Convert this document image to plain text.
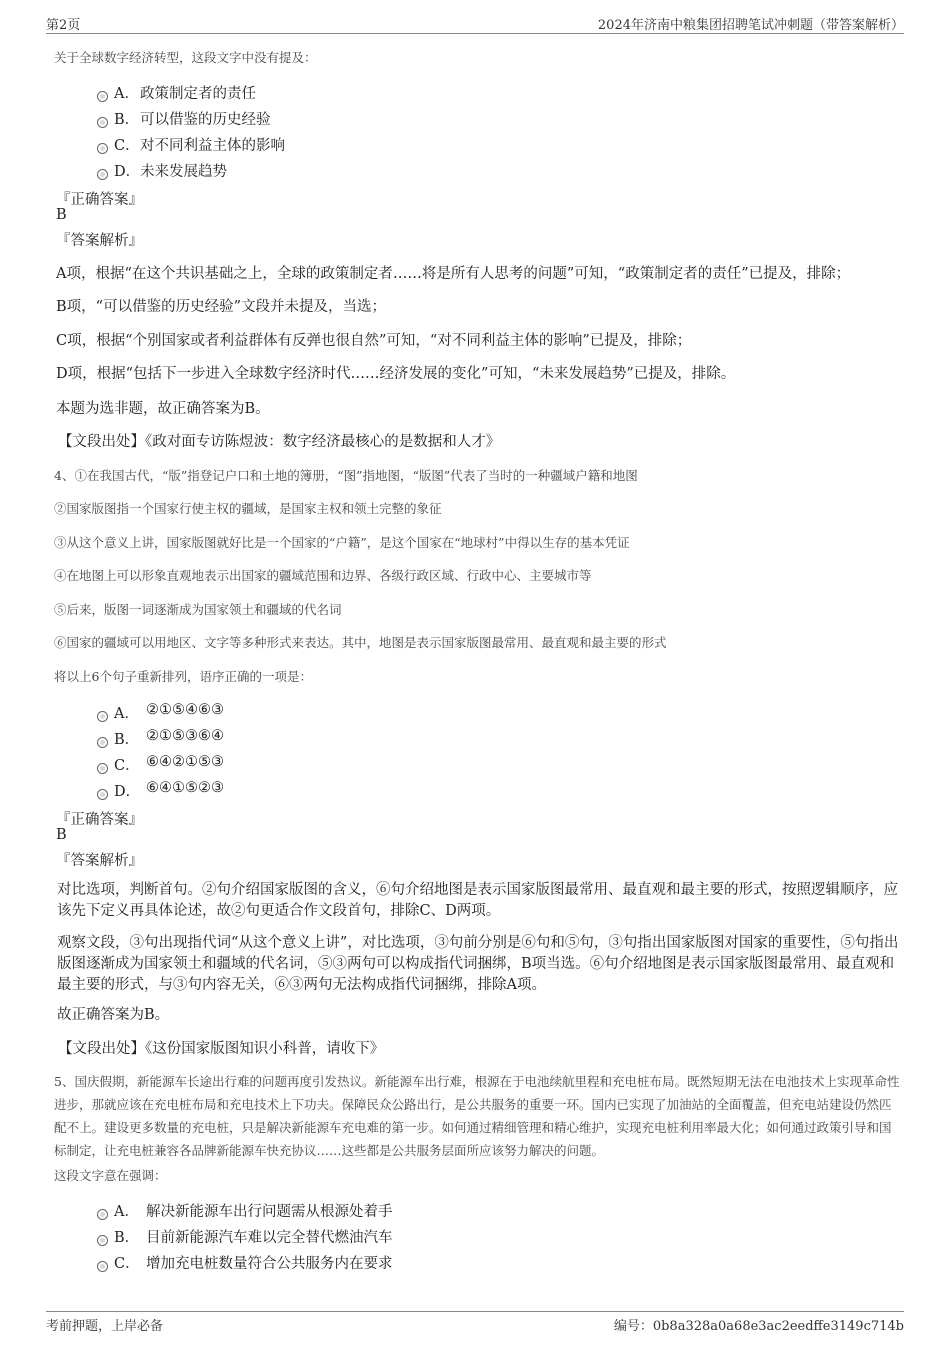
第2页	2024年济南中粮集团招聘笔试冲刺题（带答案解析）
关于全球数字经济转型，这段文字中没有提及：
A． 政策制定者的责任
B． 可以借鉴的历史经验
C． 对不同利益主体的影响
D． 未来发展趋势
『正确答案』
B
『答案解析』
A项，根据“在这个共识基础之上，全球的政策制定者……将是所有人思考的问题”可知，“政策制定者的责任”已提及，排除；
B项，“可以借鉴的历史经验”文段并未提及，当选；
C项，根据“个别国家或者利益群体有反弹也很自然”可知，“对不同利益主体的影响”已提及，排除；
D项，根据“包括下一步进入全球数字经济时代……经济发展的变化”可知，“未来发展趋势”已提及，排除。
本题为选非题，故正确答案为B。
【文段出处】《政对面专访陈煜波：数字经济最核心的是数据和人才》
4、①在我国古代，“版”指登记户口和土地的簿册，“图”指地图，“版图”代表了当时的一种疆域户籍和地图
②国家版图指一个国家行使主权的疆域，是国家主权和领土完整的象征
③从这个意义上讲，国家版图就好比是一个国家的“户籍”，是这个国家在“地球村”中得以生存的基本凭证
④在地图上可以形象直观地表示出国家的疆域范围和边界、各级行政区域、行政中心、主要城市等
⑤后来，版图一词逐渐成为国家领土和疆域的代名词
⑥国家的疆域可以用地区、文字等多种形式来表达。其中，地图是表示国家版图最常用、最直观和最主要的形式
将以上6个句子重新排列，语序正确的一项是：
A． ②①⑤④⑥③
B． ②①⑤③⑥④
C． ⑥④②①⑤③
D． ⑥④①⑤②③
『正确答案』
B
『答案解析』
对比选项，判断首句。②句介绍国家版图的含义，⑥句介绍地图是表示国家版图最常用、最直观和最主要的形式，按照逻辑顺序，应该先下定义再具体论述，故②句更适合作文段首句，排除C、D两项。
观察文段，③句出现指代词“从这个意义上讲”，对比选项，③句前分别是⑥句和⑤句，③句指出国家版图对国家的重要性，⑤句指出版图逐渐成为国家领土和疆域的代名词，⑤③两句可以构成指代词捆绑，B项当选。⑥句介绍地图是表示国家版图最常用、最直观和最主要的形式，与③句内容无关，⑥③两句无法构成指代词捆绑，排除A项。
故正确答案为B。
【文段出处】《这份国家版图知识小科普，请收下》
5、国庆假期，新能源车长途出行难的问题再度引发热议。新能源车出行难，根源在于电池续航里程和充电桩布局。既然短期无法在电池技术上实现革命性进步，那就应该在充电桩布局和充电技术上下功夫。保障民众公路出行，是公共服务的重要一环。国内已实现了加油站的全面覆盖，但充电站建设仍然匹配不上。建设更多数量的充电桩，只是解决新能源车充电难的第一步。如何通过精细管理和精心维护，实现充电桩利用率最大化；如何通过政策引导和国标制定，让充电桩兼容各品牌新能源车快充协议……这些都是公共服务层面所应该努力解决的问题。
这段文字意在强调：
A． 解决新能源车出行问题需从根源处着手
B． 目前新能源汽车难以完全替代燃油汽车
C． 增加充电桩数量符合公共服务内在要求
考前押题，上岸必备	编号：0b8a328a0a68e3ac2eedffe3149c714b
